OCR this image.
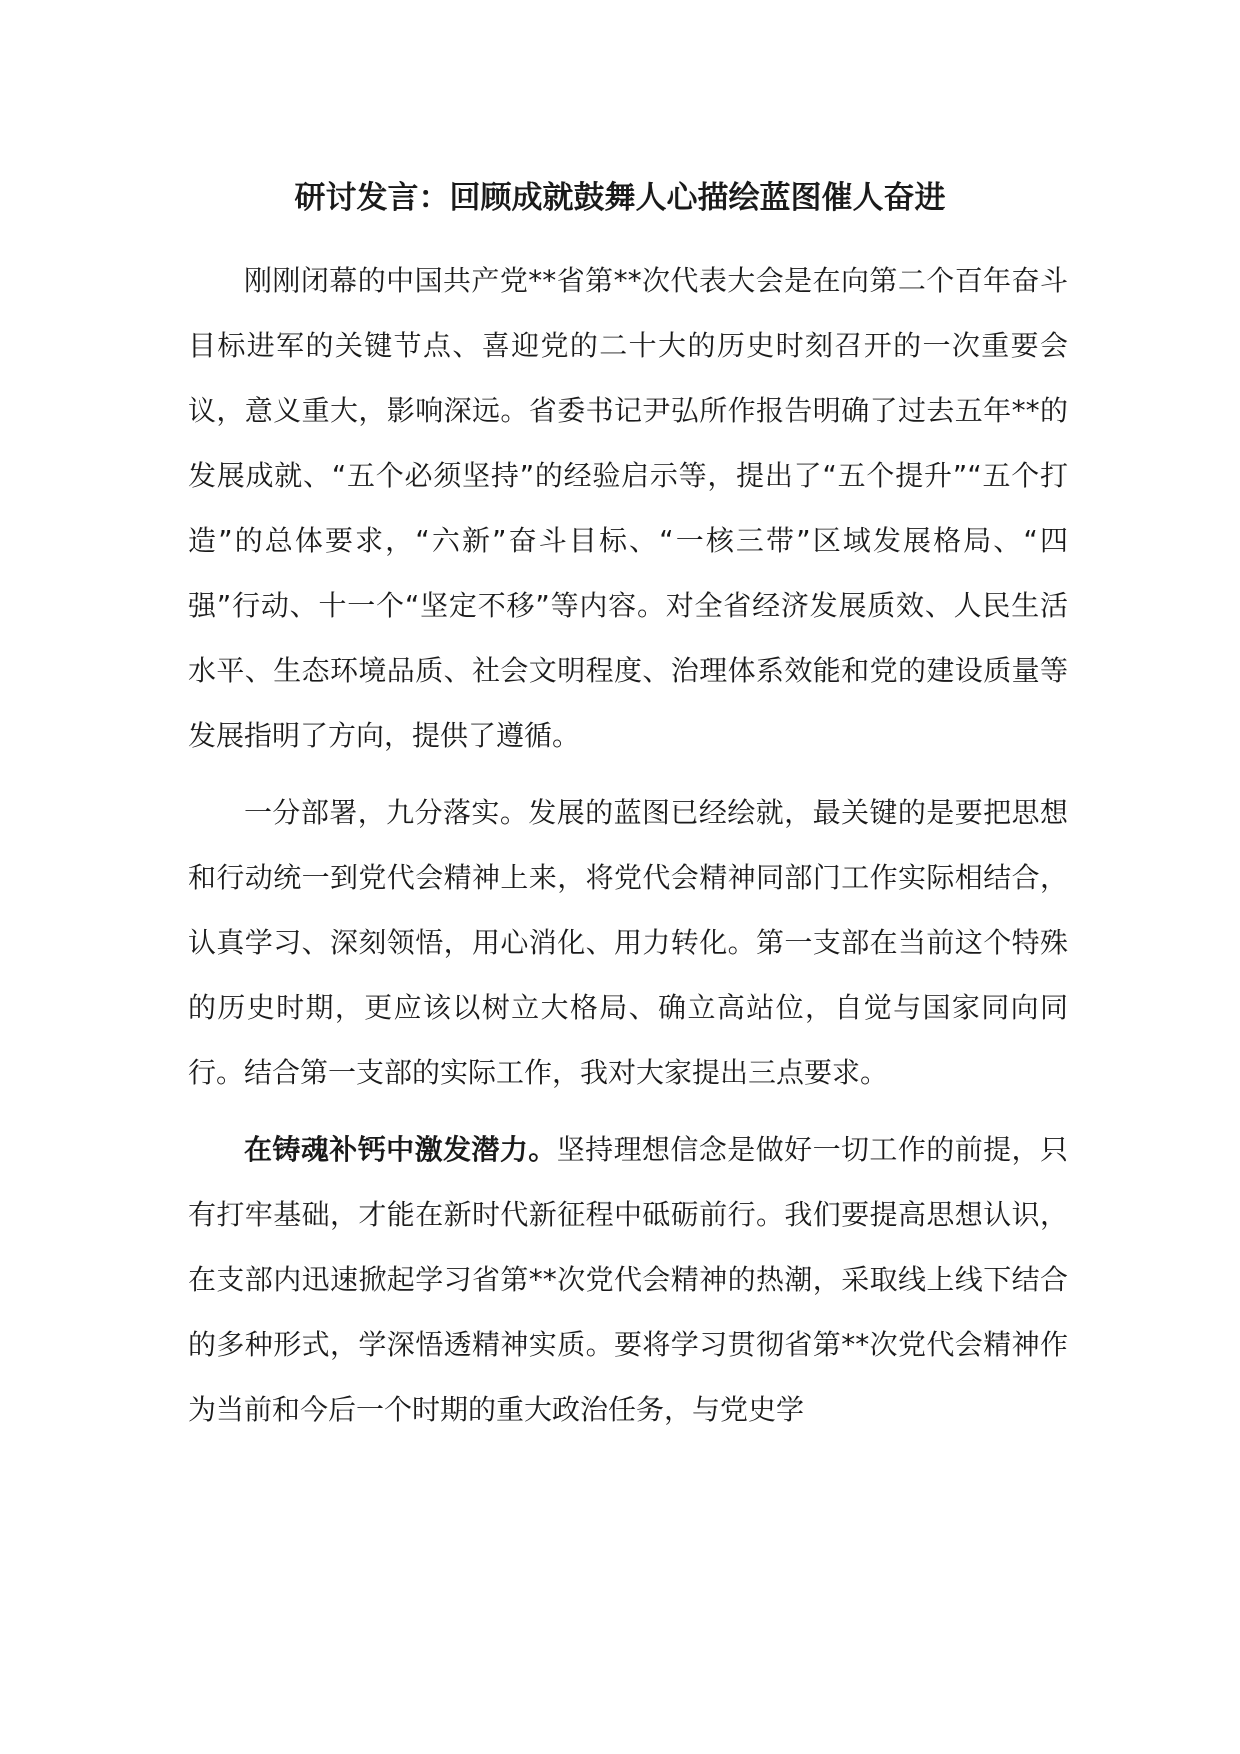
研讨发言：回顾成就鼓舞人心描绘蓝图催人奋进

刚刚闭幕的中国共产党**省第**次代表大会是在向第二个百年奋斗目标进军的关键节点、喜迎党的二十大的历史时刻召开的一次重要会议，意义重大，影响深远。省委书记尹弘所作报告明确了过去五年**的发展成就、“五个必须坚持”的经验启示等，提出了“五个提升”“五个打造”的总体要求，“六新”奋斗目标、“一核三带”区域发展格局、“四强”行动、十一个“坚定不移”等内容。对全省经济发展质效、人民生活水平、生态环境品质、社会文明程度、治理体系效能和党的建设质量等发展指明了方向，提供了遵循。

一分部署，九分落实。发展的蓝图已经绘就，最关键的是要把思想和行动统一到党代会精神上来，将党代会精神同部门工作实际相结合，认真学习、深刻领悟，用心消化、用力转化。第一支部在当前这个特殊的历史时期，更应该以树立大格局、确立高站位，自觉与国家同向同行。结合第一支部的实际工作，我对大家提出三点要求。

在铸魂补钙中激发潜力。坚持理想信念是做好一切工作的前提，只有打牢基础，才能在新时代新征程中砥砺前行。我们要提高思想认识，在支部内迅速掀起学习省第**次党代会精神的热潮，采取线上线下结合的多种形式，学深悟透精神实质。要将学习贯彻省第**次党代会精神作为当前和今后一个时期的重大政治任务，与党史学
